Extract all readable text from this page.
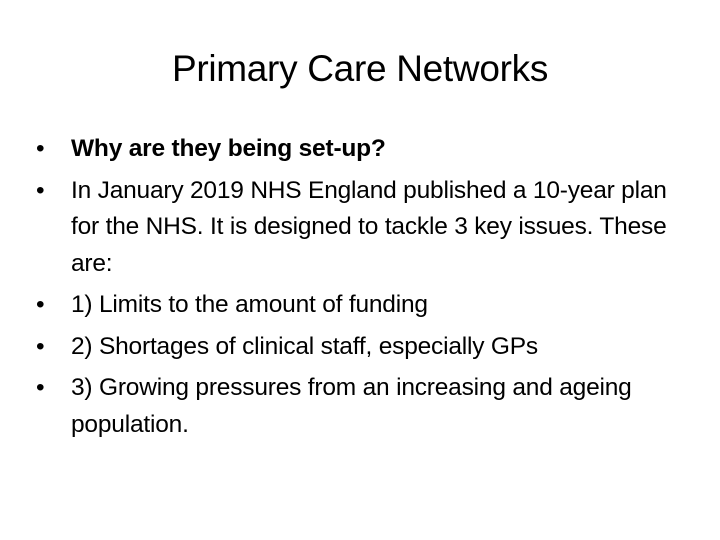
Primary Care Networks
•	Why are they being set-up?
•	In January 2019 NHS England published a 10-year plan for the NHS. It is designed to tackle 3 key issues. These are:
•	1) Limits to the amount of funding
•	2) Shortages of clinical staff, especially GPs
•	3) Growing pressures from an increasing and ageing population.
